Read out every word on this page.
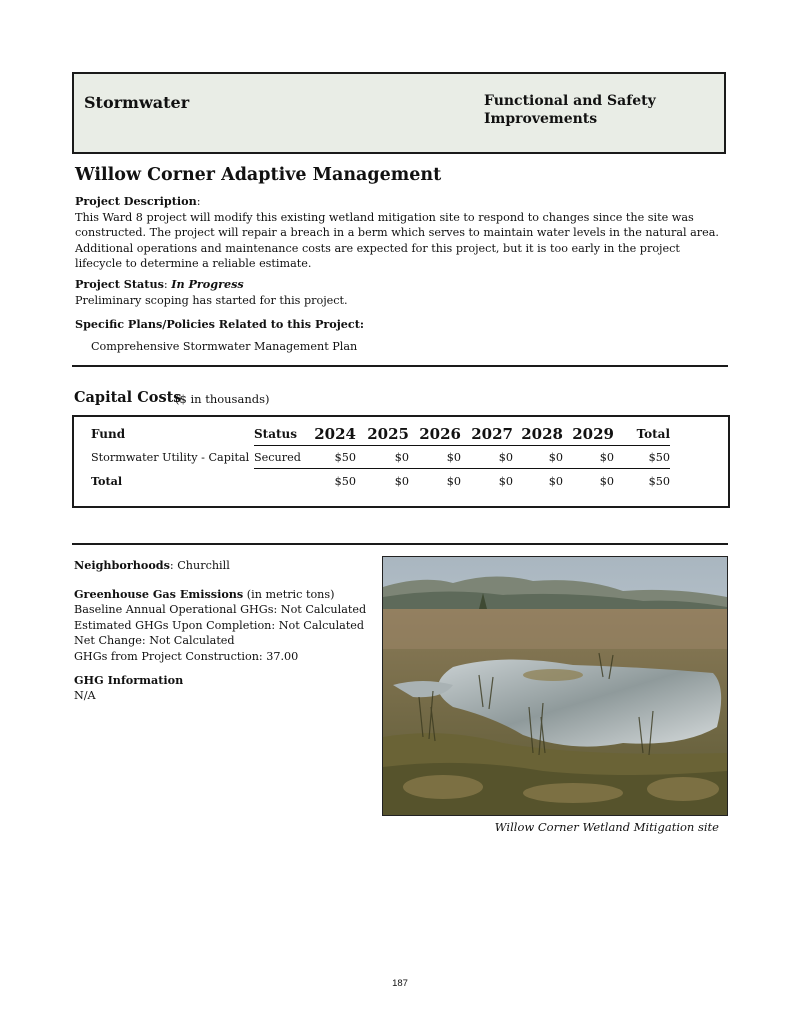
Stormwater	Functional and Safety Improvements
Willow Corner Adaptive Management
Project Description:
This Ward 8 project will modify this existing wetland mitigation site to respond to changes since the site was constructed. The project will repair a breach in a berm which serves to maintain water levels in the natural area. Additional operations and maintenance costs are expected for this project, but it is too early in the project lifecycle to determine a reliable estimate.
Project Status: In Progress
Preliminary scoping has started for this project.
Specific Plans/Policies Related to this Project:
Comprehensive Stormwater Management Plan
Capital Costs
($ in thousands)
Fund	Status	2024	2025	2026	2027	2028	2029	Total
Stormwater Utility - Capital	Secured	$50	$0	$0	$0	$0	$0	$50
Total		$50	$0	$0	$0	$0	$0	$50
Neighborhoods: Churchill
Greenhouse Gas Emissions (in metric tons)
Baseline Annual Operational GHGs: Not Calculated
Estimated GHGs Upon Completion: Not Calculated
Net Change: Not Calculated
GHGs from Project Construction: 37.00
GHG Information
N/A
Willow Corner Wetland Mitigation site
187
